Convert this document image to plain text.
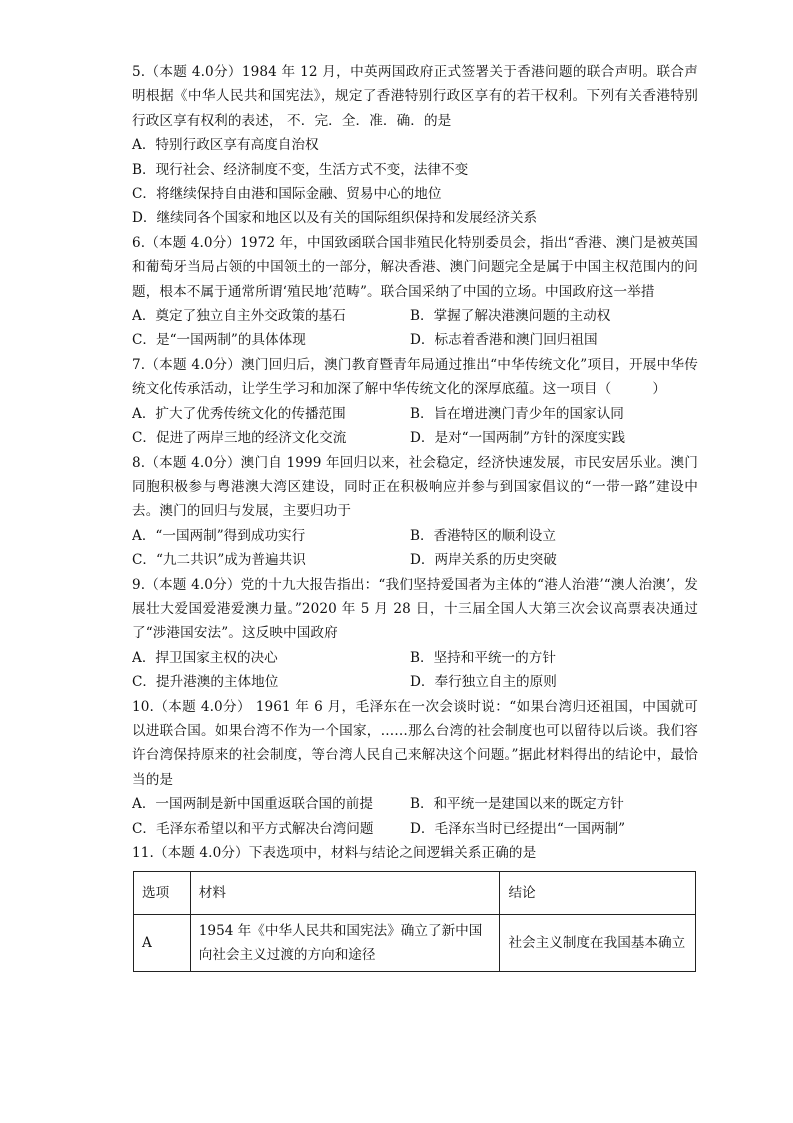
5.（本题 4.0分）1984 年 12 月，中英两国政府正式签署关于香港问题的联合声明。联合声明根据《中华人民共和国宪法》，规定了香港特别行政区享有的若干权利。下列有关香港特别行政区享有权利的表述， 不．完．全．准．确．的是

A．特别行政区享有高度自治权
B．现行社会、经济制度不变，生活方式不变，法律不变
C．将继续保持自由港和国际金融、贸易中心的地位
D．继续同各个国家和地区以及有关的国际组织保持和发展经济关系

6.（本题 4.0分）1972 年，中国致函联合国非殖民化特别委员会，指出“香港、澳门是被英国和葡萄牙当局占领的中国领土的一部分，解决香港、澳门问题完全是属于中国主权范围内的问题，根本不属于通常所谓‘殖民地’范畴”。联合国采纳了中国的立场。中国政府这一举措

A．奠定了独立自主外交政策的基石	B．掌握了解决港澳问题的主动权
C．是“一国两制”的具体体现	D．标志着香港和澳门回归祖国

7.（本题 4.0分）澳门回归后，澳门教育暨青年局通过推出“中华传统文化”项目，开展中华传统文化传承活动，让学生学习和加深了解中华传统文化的深厚底蕴。这一项目（　　　）

A．扩大了优秀传统文化的传播范围	B．旨在增进澳门青少年的国家认同
C．促进了两岸三地的经济文化交流	D．是对“一国两制”方针的深度实践

8.（本题 4.0分）澳门自 1999 年回归以来，社会稳定，经济快速发展，市民安居乐业。澳门同胞积极参与粤港澳大湾区建设，同时正在积极响应并参与到国家倡议的“一带一路”建设中去。澳门的回归与发展，主要归功于

A．“一国两制”得到成功实行	B．香港特区的顺利设立
C．“九二共识”成为普遍共识	D．两岸关系的历史突破

9.（本题 4.0分）党的十九大报告指出：“我们坚持爱国者为主体的“港人治港’“澳人治澳’，发展壮大爱国爱港爱澳力量。”2020 年 5 月 28 日，十三届全国人大第三次会议高票表决通过了“涉港国安法”。这反映中国政府

A．捍卫国家主权的决心	B．坚持和平统一的方针
C．提升港澳的主体地位	D．奉行独立自主的原则

10.（本题 4.0分） 1961 年 6 月，毛泽东在一次会谈时说：“如果台湾归还祖国，中国就可以进联合国。如果台湾不作为一个国家，……那么台湾的社会制度也可以留待以后谈。我们容许台湾保持原来的社会制度，等台湾人民自己来解决这个问题。”据此材料得出的结论中，最恰当的是

A．一国两制是新中国重返联合国的前提	B．和平统一是建国以来的既定方针
C．毛泽东希望以和平方式解决台湾问题	D．毛泽东当时已经提出“一国两制”

11.（本题 4.0分）下表选项中，材料与结论之间逻辑关系正确的是

选项	材料	结论
A	1954 年《中华人民共和国宪法》确立了新中国向社会主义过渡的方向和途径	社会主义制度在我国基本确立
